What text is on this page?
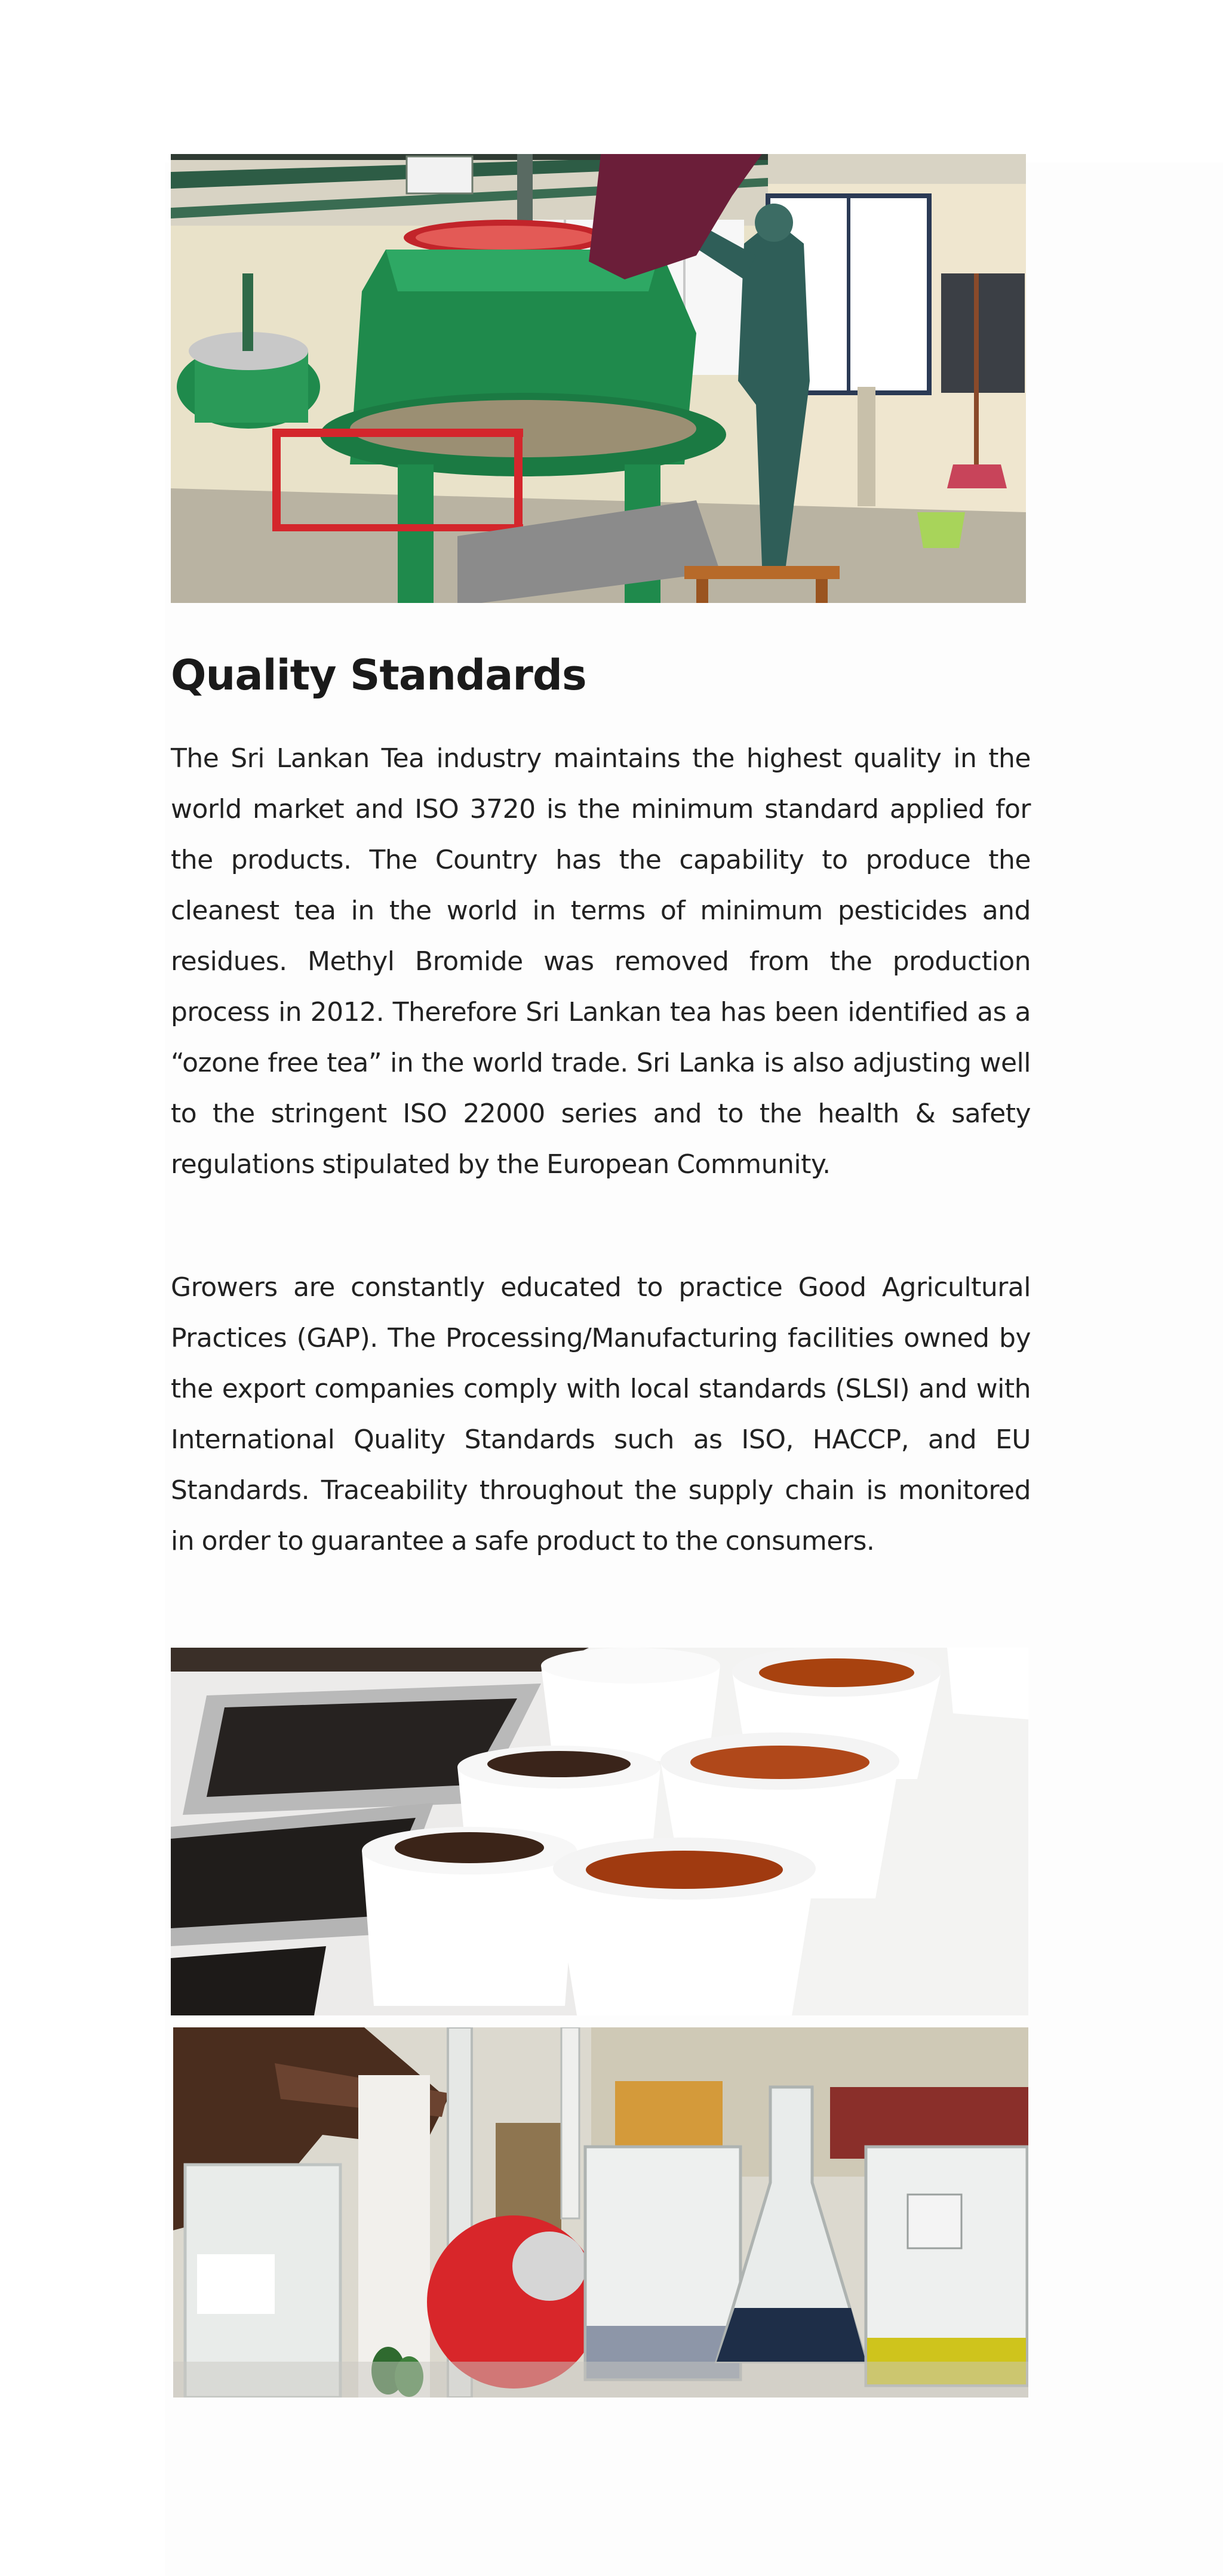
Quality Standards

The Sri Lankan Tea industry maintains the highest quality in the world market and ISO 3720 is the minimum standard applied for the products. The Country has the capability to produce the cleanest tea in the world in terms of minimum pesticides and residues. Methyl Bromide was removed from the production process in 2012. Therefore Sri Lankan tea has been identified as a “ozone free tea” in the world trade. Sri Lanka is also adjusting well to the stringent ISO 22000 series and to the health & safety regulations stipulated by the European Community.

Growers are constantly educated to practice Good Agricultural Practices (GAP). The Processing/Manufacturing facilities owned by the export companies comply with local standards (SLSI) and with International Quality Standards such as ISO, HACCP, and EU Standards. Traceability throughout the supply chain is monitored in order to guarantee a safe product to the consumers.
